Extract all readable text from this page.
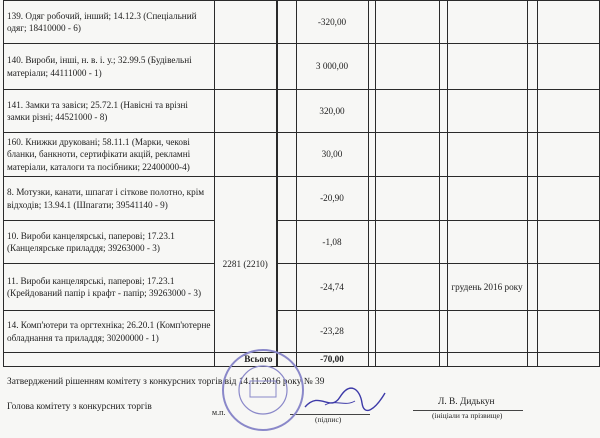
139. Одяг робочий, інший; 14.12.3 (Спеціальний одяг; 18410000 - 6)			-320,00						
140. Вироби, інші, н. в. і. у.; 32.99.5 (Будівельні матеріали; 44111000 - 1)			3 000,00						
141. Замки та завіси; 25.72.1 (Навісні та врізні замки різні; 44521000 - 8)			320,00						
160. Книжки друковані; 58.11.1 (Марки, чекові бланки, банкноти, сертифікати акцій, рекламні матеріали, каталоги та посібники; 22400000-4)			30,00						
8. Мотузки, канати, шпагат і сіткове полотно, крім відходів; 13.94.1 (Шпагати; 39541140 - 9)	2281 (2210)		-20,90						
10. Вироби канцелярські, паперові; 17.23.1 (Канцелярське приладдя; 39263000 - 3)			-1,08						
11. Вироби канцелярські, паперові; 17.23.1 (Крейдований папір і крафт - папір; 39263000 - 3)			-24,74				грудень 2016 року		
14. Комп'ютери та оргтехніка; 26.20.1 (Комп'ютерне обладнання та приладдя; 30200000 - 1)			-23,28						
	Всього		-70,00						
Затверджений рішенням комітету з конкурсних торгів від 14.11.2016 року № 39
Голова комітету з конкурсних торгів
м.п.
(підпис)
Л. В. Дидькун
(ініціали та прізвище)
